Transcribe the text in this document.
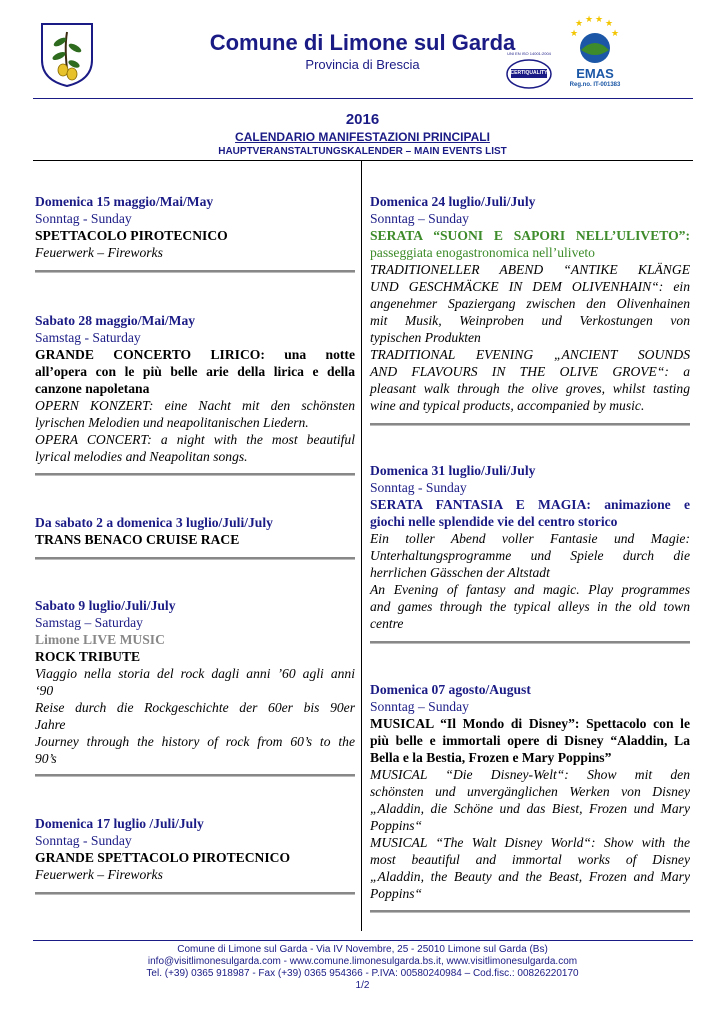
Comune di Limone sul Garda
Provincia di Brescia
CERTIQUALITY
UNI EN ISO 14001:2004
★ ★ ★ ★
★	★
EMAS
Reg.no. IT-001383
2016
CALENDARIO MANIFESTAZIONI PRINCIPALI
HAUPTVERANSTALTUNGSKALENDER – MAIN EVENTS LIST
Domenica 15 maggio/Mai/May
Sonntag - Sunday
SPETTACOLO PIROTECNICO
Feuerwerk – Fireworks
Sabato 28 maggio/Mai/May
Samstag - Saturday
GRANDE CONCERTO LIRICO: una notte
all’opera con le più belle arie della lirica e della
canzone napoletana
OPERN KONZERT: eine Nacht mit den schönsten
lyrischen Melodien und neapolitanischen Liedern.
OPERA CONCERT: a night with the most beautiful
lyrical melodies and Neapolitan songs.
Da sabato 2 a domenica 3 luglio/Juli/July
TRANS BENACO CRUISE RACE
Sabato 9 luglio/Juli/July
Samstag – Saturday
Limone LIVE MUSIC
ROCK TRIBUTE
Viaggio nella storia del rock dagli anni ’60 agli anni
‘90
Reise durch die Rockgeschichte der 60er bis 90er
Jahre
Journey through the history of rock from 60’s to the
90’s
Domenica 17 luglio /Juli/July
Sonntag - Sunday
GRANDE SPETTACOLO PIROTECNICO
Feuerwerk – Fireworks
Domenica 24 luglio/Juli/July
Sonntag – Sunday
SERATA “SUONI E SAPORI NELL’ULIVETO”:
passeggiata enogastronomica nell’uliveto
TRADITIONELLER ABEND “ANTIKE KLÄNGE
UND GESCHMÄCKE IN DEM OLIVENHAIN“: ein
angenehmer Spaziergang zwischen den Olivenhainen
mit Musik, Weinproben und Verkostungen von
typischen Produkten
TRADITIONAL EVENING „ANCIENT SOUNDS
AND FLAVOURS IN THE OLIVE GROVE“: a
pleasant walk through the olive groves, whilst tasting
wine and typical products, accompanied by music.
Domenica 31 luglio/Juli/July
Sonntag - Sunday
SERATA FANTASIA E MAGIA: animazione e
giochi nelle splendide vie del centro storico
Ein toller Abend voller Fantasie und Magie:
Unterhaltungsprogramme und Spiele durch die
herrlichen Gässchen der Altstadt
An Evening of fantasy and magic. Play programmes
and games through the typical alleys in the old town
centre
Domenica 07 agosto/August
Sonntag – Sunday
MUSICAL “Il Mondo di Disney”: Spettacolo con le
più belle e immortali opere di Disney “Aladdin, La
Bella e la Bestia, Frozen e Mary Poppins”
MUSICAL “Die Disney-Welt“: Show mit den
schönsten und unvergänglichen Werken von Disney
„Aladdin, die Schöne und das Biest, Frozen und Mary
Poppins“
MUSICAL “The Walt Disney World“: Show with the
most beautiful and immortal works of Disney
„Aladdin, the Beauty and the Beast, Frozen and Mary
Poppins“
Comune di Limone sul Garda - Via IV Novembre, 25 - 25010 Limone sul Garda (Bs)
info@visitlimonesulgarda.com - www.comune.limonesulgarda.bs.it, www.visitlimonesulgarda.com
Tel. (+39) 0365 918987 - Fax (+39) 0365 954366 - P.IVA: 00580240984 – Cod.fisc.: 00826220170
1/2
